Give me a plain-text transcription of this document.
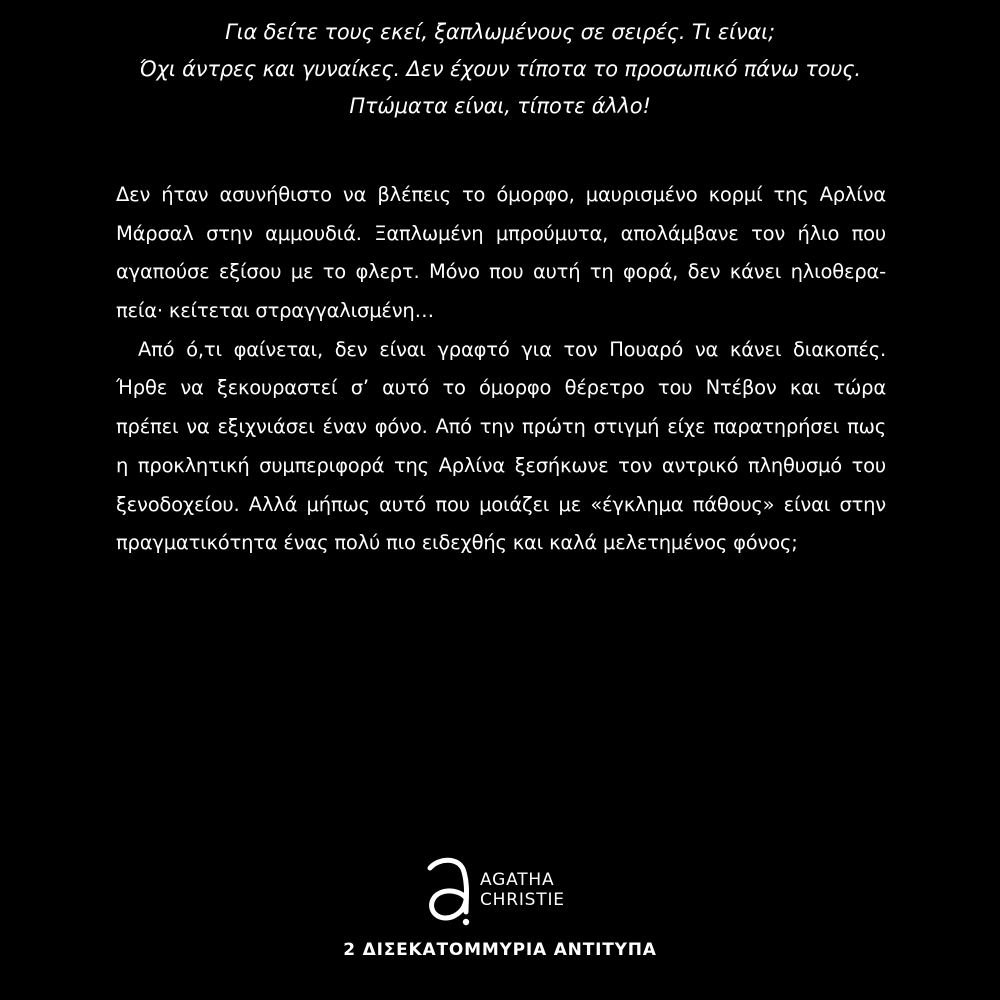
Για δείτε τους εκεί, ξαπλωμένους σε σειρές. Τι είναι;
Όχι άντρες και γυναίκες. Δεν έχουν τίποτα το προσωπικό πάνω τους.
Πτώματα είναι, τίποτε άλλο!
Δεν ήταν ασυνήθιστο να βλέπεις το όμορφο, μαυρισμένο κορμί της Αρλίνα
Μάρσαλ στην αμμουδιά. Ξαπλωμένη μπρούμυτα, απολάμβανε τον ήλιο που
αγαπούσε εξίσου με το φλερτ. Μόνο που αυτή τη φορά, δεν κάνει ηλιοθερα-
πεία· κείτεται στραγγαλισμένη…
Από ό,τι φαίνεται, δεν είναι γραφτό για τον Πουαρό να κάνει διακοπές.
Ήρθε να ξεκουραστεί σ’ αυτό το όμορφο θέρετρο του Ντέβον και τώρα
πρέπει να εξιχνιάσει έναν φόνο. Από την πρώτη στιγμή είχε παρατηρήσει πως
η προκλητική συμπεριφορά της Αρλίνα ξεσήκωνε τον αντρικό πληθυσμό του
ξενοδοχείου. Αλλά μήπως αυτό που μοιάζει με «έγκλημα πάθους» είναι στην
πραγματικότητα ένας πολύ πιο ειδεχθής και καλά μελετημένος φόνος;
AGATHA
CHRISTIE
2 ΔΙΣΕΚΑΤΟΜΜΥΡΙΑ ΑΝΤΙΤΥΠΑ
